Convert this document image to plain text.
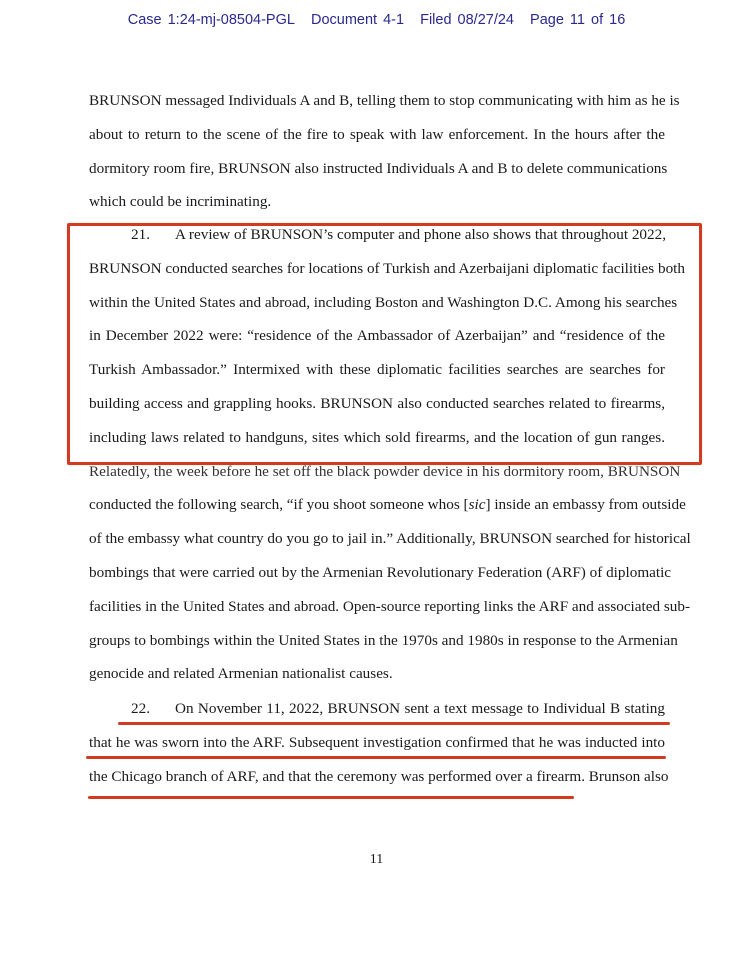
Case 1:24-mj-08504-PGL Document 4-1 Filed 08/27/24 Page 11 of 16
BRUNSON messaged Individuals A and B, telling them to stop communicating with him as he is
about to return to the scene of the fire to speak with law enforcement. In the hours after the
dormitory room fire, BRUNSON also instructed Individuals A and B to delete communications
which could be incriminating.
21. A review of BRUNSON’s computer and phone also shows that throughout 2022,
BRUNSON conducted searches for locations of Turkish and Azerbaijani diplomatic facilities both
within the United States and abroad, including Boston and Washington D.C. Among his searches
in December 2022 were: “residence of the Ambassador of Azerbaijan” and “residence of the
Turkish Ambassador.” Intermixed with these diplomatic facilities searches are searches for
building access and grappling hooks. BRUNSON also conducted searches related to firearms,
including laws related to handguns, sites which sold firearms, and the location of gun ranges.
Relatedly, the week before he set off the black powder device in his dormitory room, BRUNSON
conducted the following search, “if you shoot someone whos [sic] inside an embassy from outside
of the embassy what country do you go to jail in.” Additionally, BRUNSON searched for historical
bombings that were carried out by the Armenian Revolutionary Federation (ARF) of diplomatic
facilities in the United States and abroad. Open-source reporting links the ARF and associated sub-
groups to bombings within the United States in the 1970s and 1980s in response to the Armenian
genocide and related Armenian nationalist causes.
22. On November 11, 2022, BRUNSON sent a text message to Individual B stating
that he was sworn into the ARF. Subsequent investigation confirmed that he was inducted into
the Chicago branch of ARF, and that the ceremony was performed over a firearm. Brunson also
11
